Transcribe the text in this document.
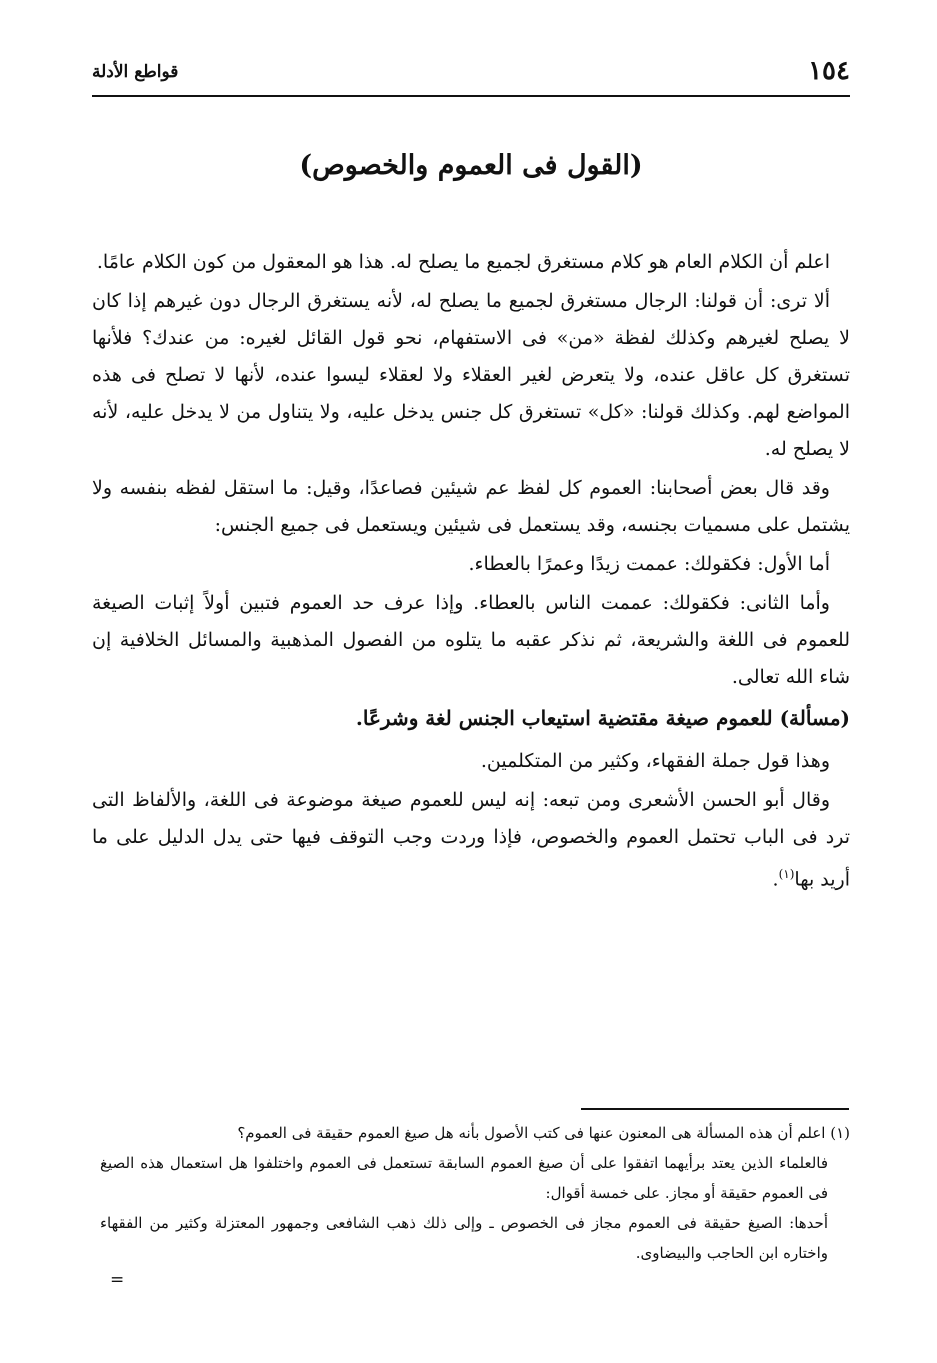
١٥٤
قواطع الأدلة
(القول فى العموم والخصوص)

اعلم أن الكلام العام هو كلام مستغرق لجميع ما يصلح له. هذا هو المعقول من كون الكلام عامًا.

ألا ترى: أن قولنا: الرجال مستغرق لجميع ما يصلح له، لأنه يستغرق الرجال دون غيرهم إذا كان لا يصلح لغيرهم وكذلك لفظة «من» فى الاستفهام، نحو قول القائل لغيره: من عندك؟ فلأنها تستغرق كل عاقل عنده، ولا يتعرض لغير العقلاء ولا لعقلاء ليسوا عنده، لأنها لا تصلح فى هذه المواضع لهم. وكذلك قولنا: «كل» تستغرق كل جنس يدخل عليه، ولا يتناول من لا يدخل عليه، لأنه لا يصلح له.

وقد قال بعض أصحابنا: العموم كل لفظ عم شيئين فصاعدًا، وقيل: ما استقل لفظه بنفسه ولا يشتمل على مسميات بجنسه، وقد يستعمل فى شيئين ويستعمل فى جميع الجنس:

أما الأول: فكقولك: عممت زيدًا وعمرًا بالعطاء.

وأما الثانى: فكقولك: عممت الناس بالعطاء. وإذا عرف حد العموم فتبين أولاً إثبات الصيغة للعموم فى اللغة والشريعة، ثم نذكر عقبه ما يتلوه من الفصول المذهبية والمسائل الخلافية إن شاء الله تعالى.

(مسألة) للعموم صيغة مقتضية استيعاب الجنس لغة وشرعًا.

وهذا قول جملة الفقهاء، وكثير من المتكلمين.

وقال أبو الحسن الأشعرى ومن تبعه: إنه ليس للعموم صيغة موضوعة فى اللغة، والألفاظ التى ترد فى الباب تحتمل العموم والخصوص، فإذا وردت وجب التوقف فيها حتى يدل الدليل على ما أريد بها$^{(١)}$.

(١) اعلم أن هذه المسألة هى المعنون عنها فى كتب الأصول بأنه هل صيغ العموم حقيقة فى العموم؟

فالعلماء الذين يعتد برأيهما اتفقوا على أن صيغ العموم السابقة تستعمل فى العموم واختلفوا هل استعمال هذه الصيغ فى العموم حقيقة أو مجاز. على خمسة أقوال:

أحدها: الصيغ حقيقة فى العموم مجاز فى الخصوص ـ وإلى ذلك ذهب الشافعى وجمهور المعتزلة وكثير من الفقهاء واختاره ابن الحاجب والبيضاوى.

=
